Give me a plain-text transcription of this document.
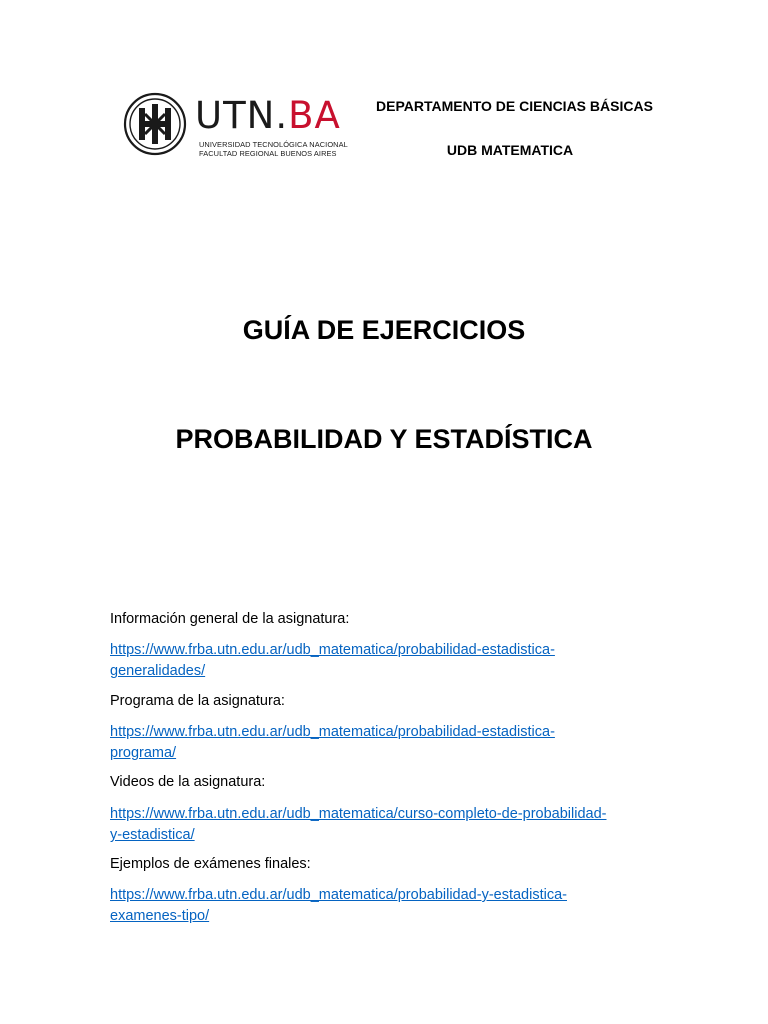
UTN.BA
UNIVERSIDAD TECNOLÓGICA NACIONAL
FACULTAD REGIONAL BUENOS AIRES
DEPARTAMENTO DE CIENCIAS BÁSICAS
UDB MATEMATICA
GUÍA DE EJERCICIOS
PROBABILIDAD Y ESTADÍSTICA
Información general de la asignatura:
https://www.frba.utn.edu.ar/udb_matematica/probabilidad-estadistica-
generalidades/
Programa de la asignatura:
https://www.frba.utn.edu.ar/udb_matematica/probabilidad-estadistica-
programa/
Videos de la asignatura:
https://www.frba.utn.edu.ar/udb_matematica/curso-completo-de-probabilidad-
y-estadistica/
Ejemplos de exámenes finales:
https://www.frba.utn.edu.ar/udb_matematica/probabilidad-y-estadistica-
examenes-tipo/
